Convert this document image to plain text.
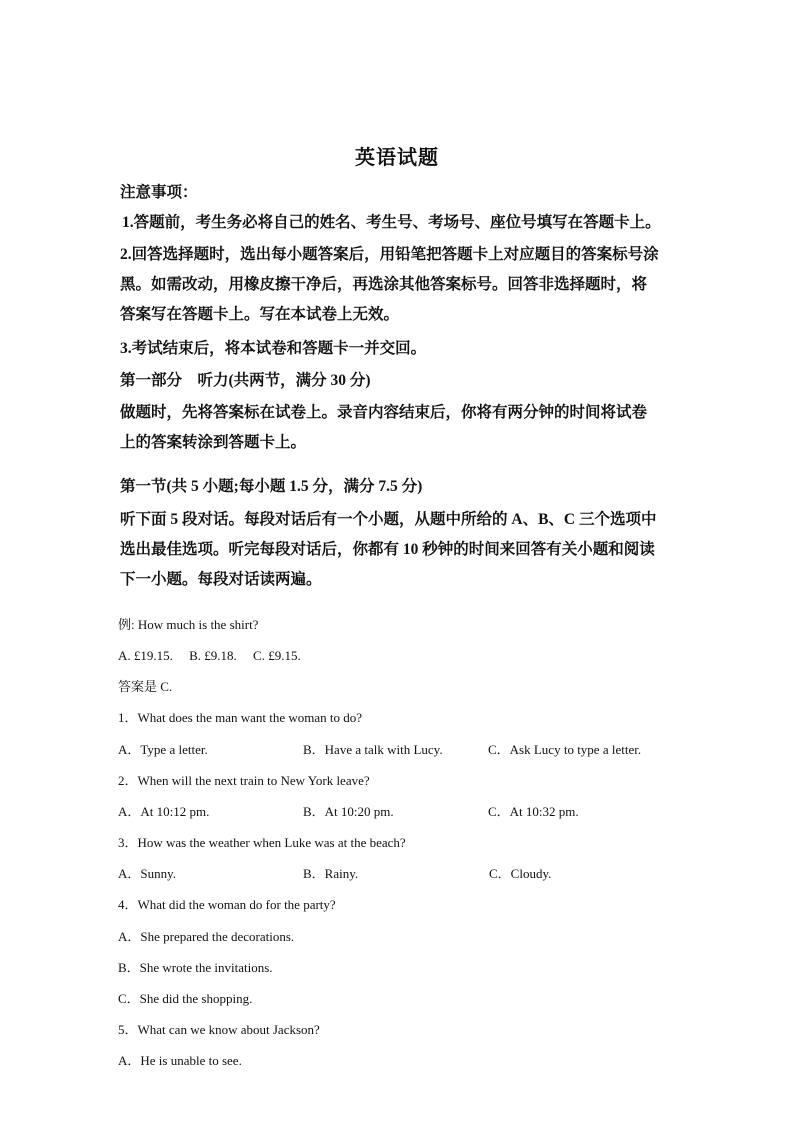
英语试题
注意事项：
1.答题前，考生务必将自己的姓名、考生号、考场号、座位号填写在答题卡上。
2.回答选择题时，选出每小题答案后，用铅笔把答题卡上对应题目的答案标号涂
黑。如需改动，用橡皮擦干净后，再选涂其他答案标号。回答非选择题时，将
答案写在答题卡上。写在本试卷上无效。
3.考试结束后，将本试卷和答题卡一并交回。
第一部分　听力(共两节，满分 30 分)
做题时，先将答案标在试卷上。录音内容结束后，你将有两分钟的时间将试卷
上的答案转涂到答题卡上。
第一节(共 5 小题;每小题 1.5 分，满分 7.5 分)
听下面 5 段对话。每段对话后有一个小题，从题中所给的 A、B、C 三个选项中
选出最佳选项。听完每段对话后，你都有 10 秒钟的时间来回答有关小题和阅读
下一小题。每段对话读两遍。
例: How much is the shirt?
A. £19.15.　 B. £9.18.　 C. £9.15.
答案是 C.
1．What does the man want the woman to do?
A．Type a letter.	B．Have a talk with Lucy.	C．Ask Lucy to type a letter.
2．When will the next train to New York leave?
A．At 10:12 pm.	B．At 10:20 pm.	C．At 10:32 pm.
3．How was the weather when Luke was at the beach?
A．Sunny.	B．Rainy.	C．Cloudy.
4．What did the woman do for the party?
A．She prepared the decorations.
B．She wrote the invitations.
C．She did the shopping.
5．What can we know about Jackson?
A．He is unable to see.
